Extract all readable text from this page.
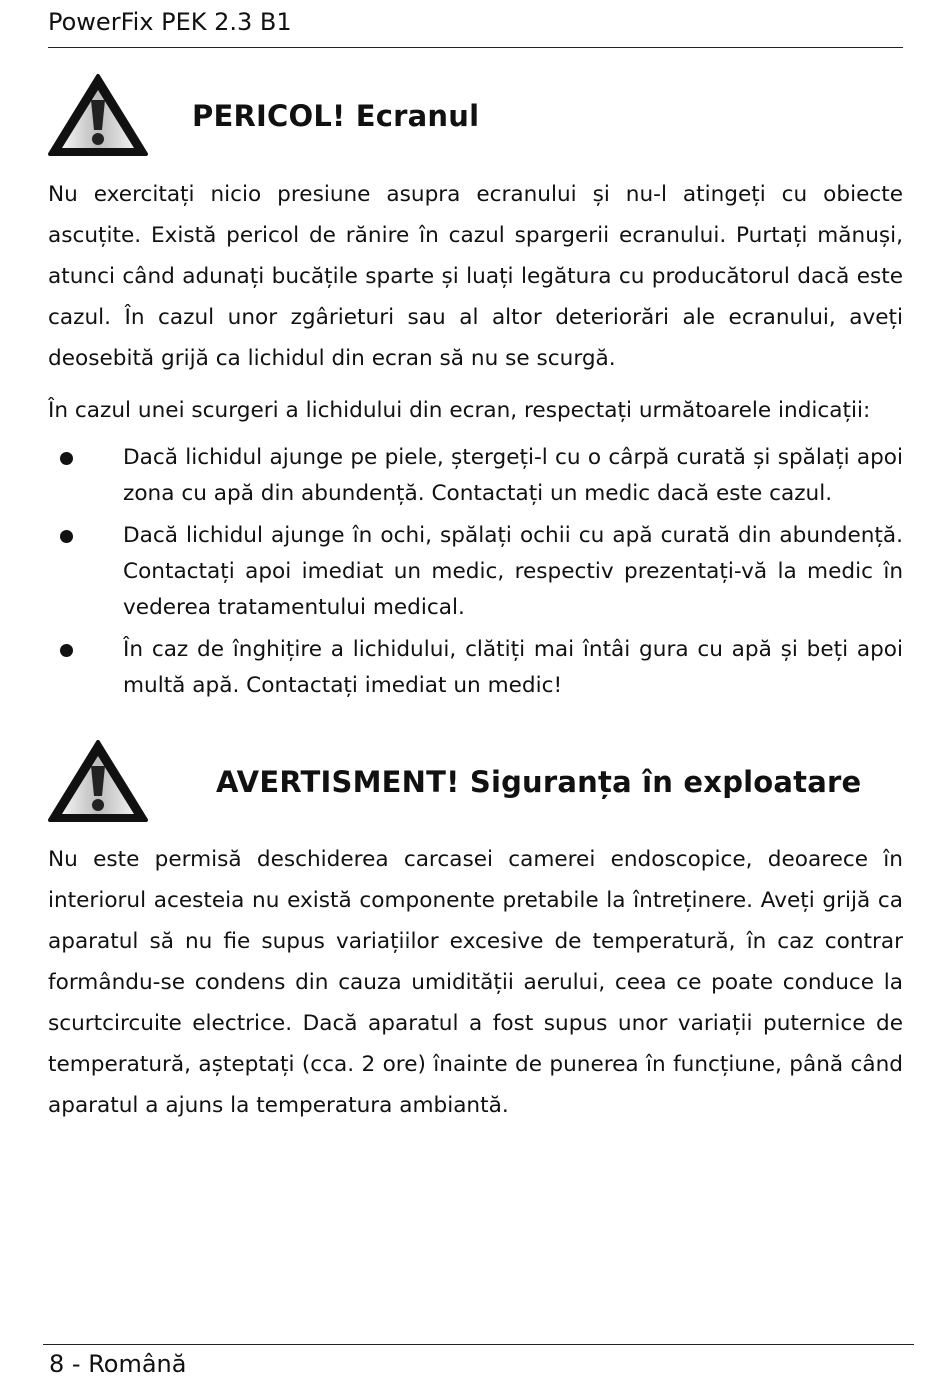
PowerFix PEK 2.3 B1
PERICOL! Ecranul

Nu exercitați nicio presiune asupra ecranului și nu-l atingeți cu obiecte ascuțite. Există pericol de rănire în cazul spargerii ecranului. Purtați mănuși, atunci când adunați bucățile sparte și luați legătura cu producătorul dacă este cazul. În cazul unor zgârieturi sau al altor deteriorări ale ecranului, aveți deosebită grijă ca lichidul din ecran să nu se scurgă.

În cazul unei scurgeri a lichidului din ecran, respectați următoarele indicații:

Dacă lichidul ajunge pe piele, ștergeți-l cu o cârpă curată și spălați apoi zona cu apă din abundență. Contactați un medic dacă este cazul.
Dacă lichidul ajunge în ochi, spălați ochii cu apă curată din abundență. Contactați apoi imediat un medic, respectiv prezentați-vă la medic în vederea tratamentului medical.
În caz de înghițire a lichidului, clătiți mai întâi gura cu apă și beți apoi multă apă. Contactați imediat un medic!
AVERTISMENT! Siguranța în exploatare

Nu este permisă deschiderea carcasei camerei endoscopice, deoarece în interiorul acesteia nu există componente pretabile la întreținere. Aveți grijă ca aparatul să nu fie supus variațiilor excesive de temperatură, în caz contrar formându-se condens din cauza umidității aerului, ceea ce poate conduce la scurtcircuite electrice. Dacă aparatul a fost supus unor variații puternice de temperatură, așteptați (cca. 2 ore) înainte de punerea în funcțiune, până când aparatul a ajuns la temperatura ambiantă.

8 - Română
